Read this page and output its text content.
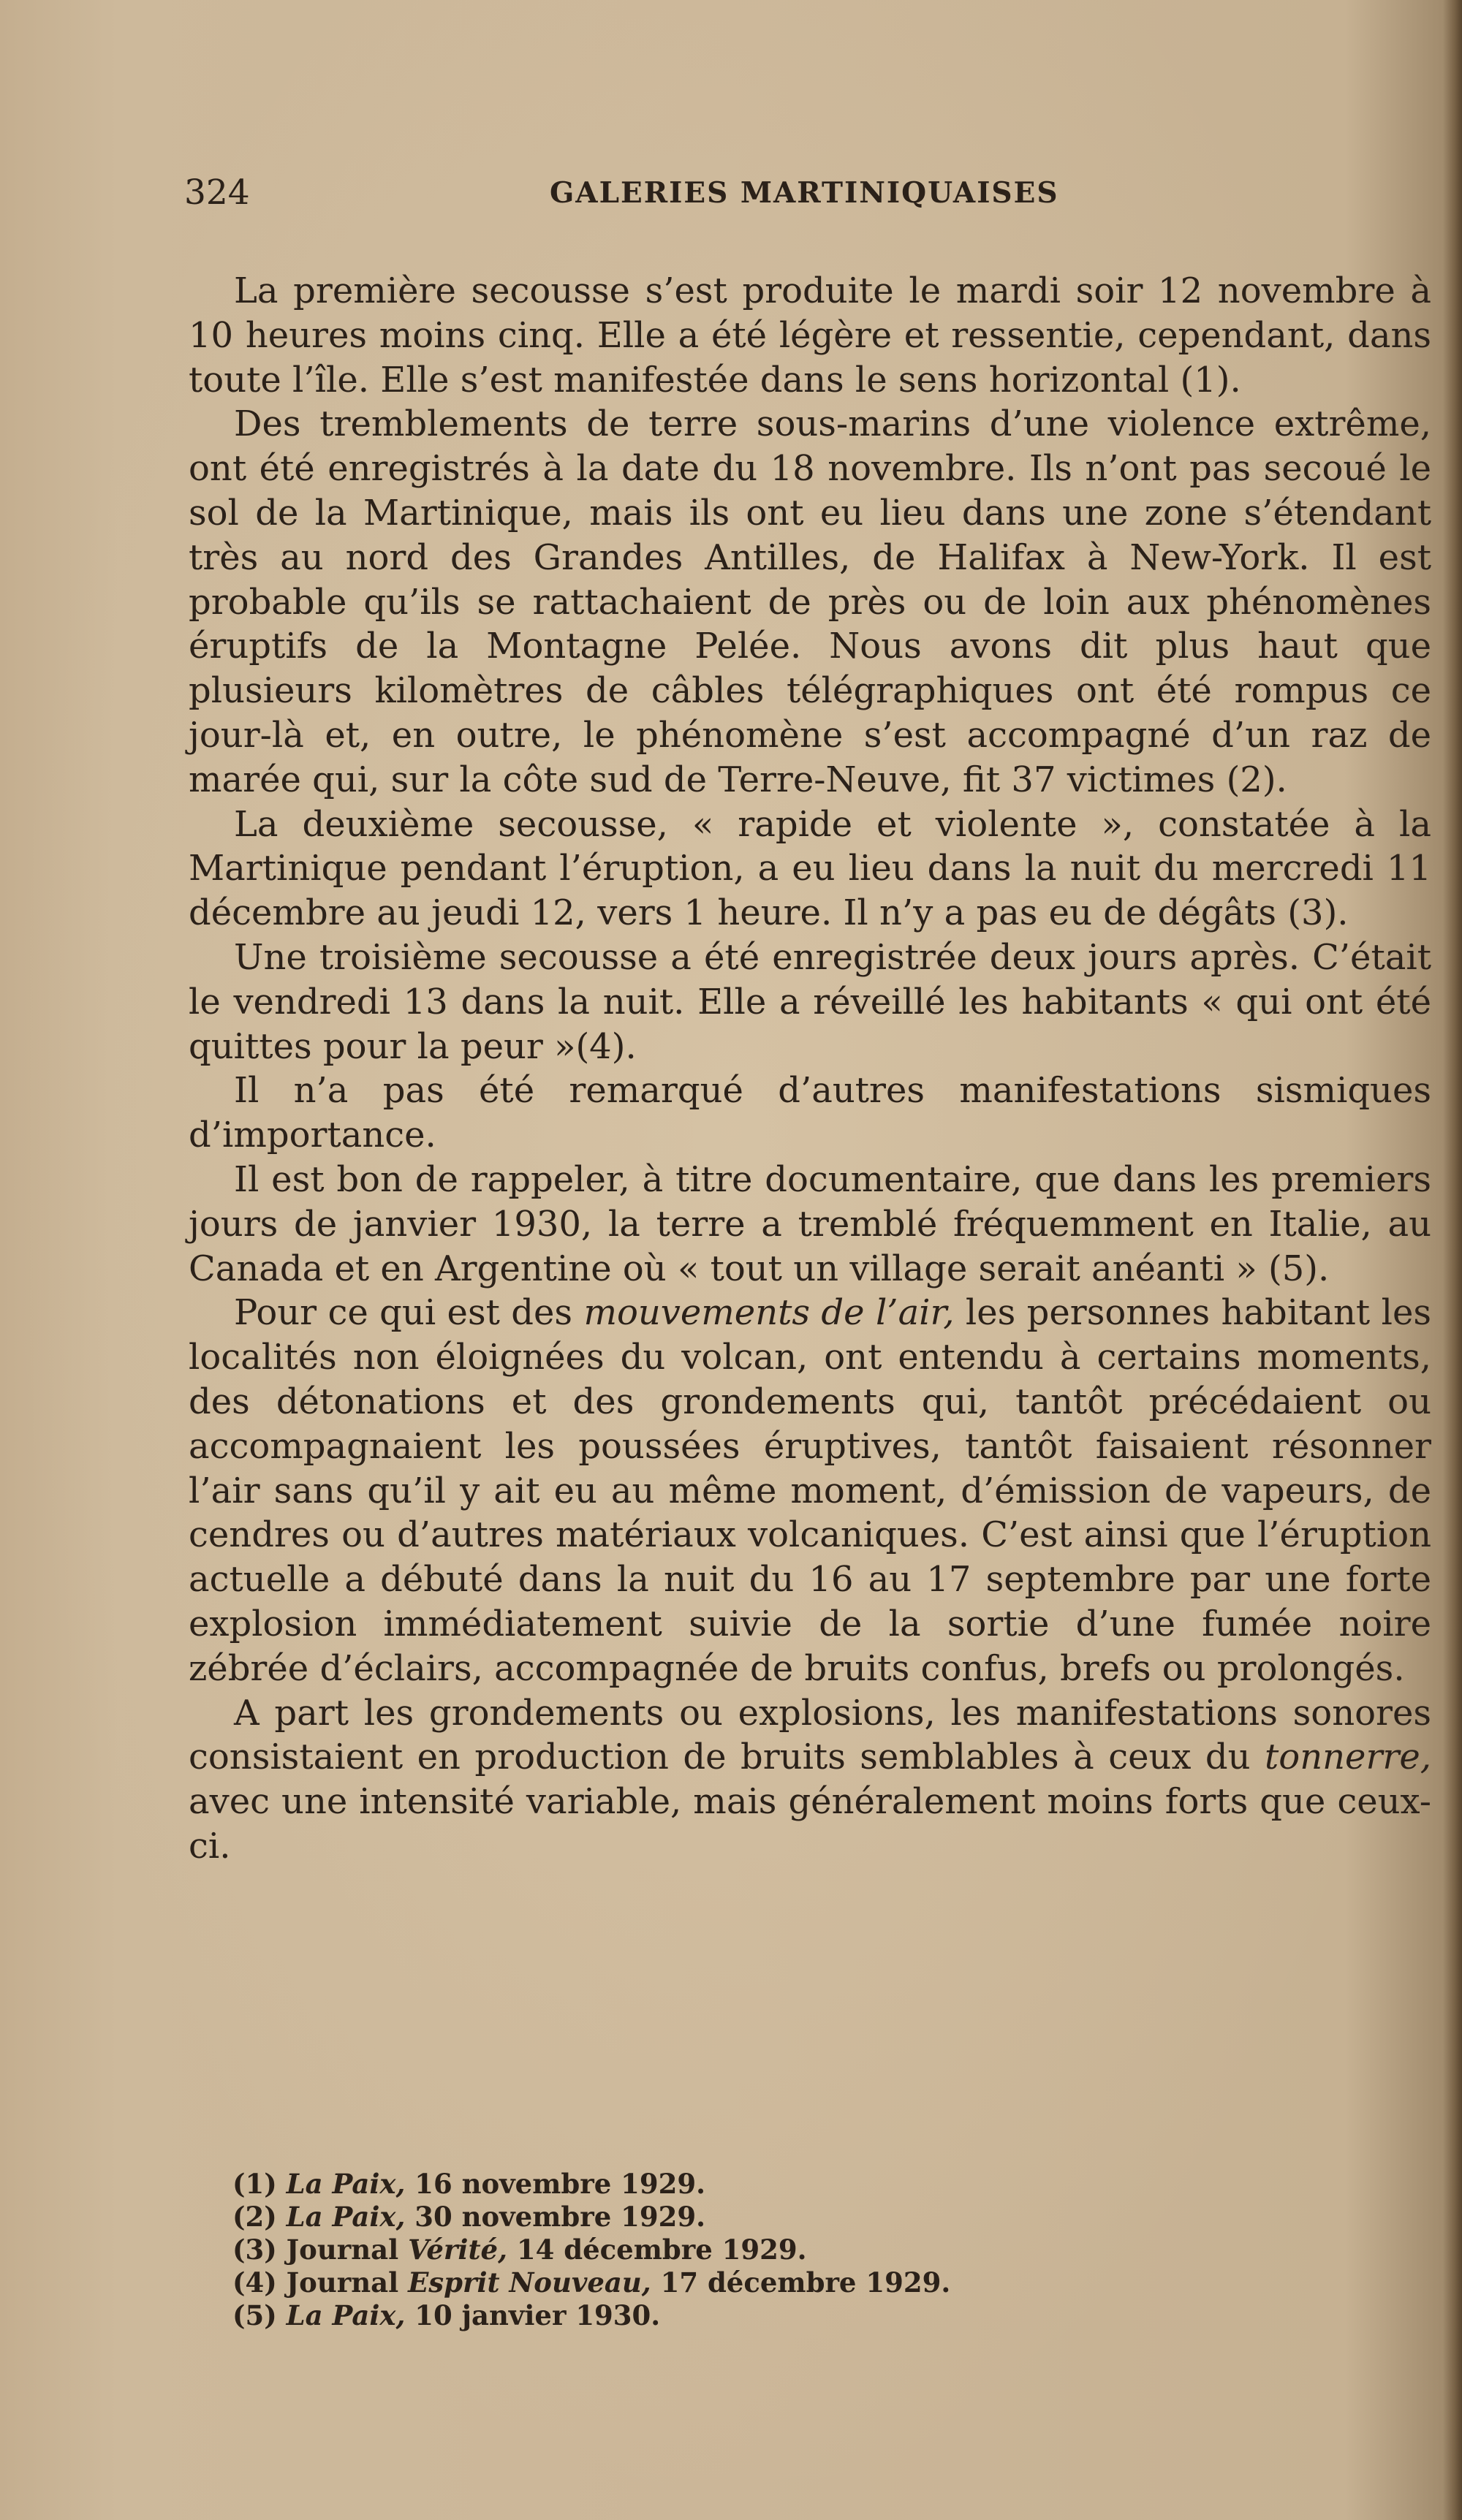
324	GALERIES MARTINIQUAISES

La première secousse s’est produite le mardi soir 12 novembre à 10 heures moins cinq. Elle a été légère et ressentie, cependant, dans toute l’île. Elle s’est manifestée dans le sens horizontal (1).

Des tremblements de terre sous-marins d’une violence extrême, ont été enregistrés à la date du 18 novembre. Ils n’ont pas secoué le sol de la Martinique, mais ils ont eu lieu dans une zone s’étendant très au nord des Grandes Antilles, de Halifax à New-York. Il est probable qu’ils se rattachaient de près ou de loin aux phénomènes éruptifs de la Montagne Pelée. Nous avons dit plus haut que plusieurs kilomètres de câbles télégraphiques ont été rompus ce jour-là et, en outre, le phénomène s’est accompagné d’un raz de marée qui, sur la côte sud de Terre-Neuve, fit 37 victimes (2).

La deuxième secousse, « rapide et violente », constatée à la Martinique pendant l’éruption, a eu lieu dans la nuit du mercredi 11 décembre au jeudi 12, vers 1 heure. Il n’y a pas eu de dégâts (3).

Une troisième secousse a été enregistrée deux jours après. C’était le vendredi 13 dans la nuit. Elle a réveillé les habitants « qui ont été quittes pour la peur »(4).

Il n’a pas été remarqué d’autres manifestations sismiques d’importance.

Il est bon de rappeler, à titre documentaire, que dans les premiers jours de janvier 1930, la terre a tremblé fréquemment en Italie, au Canada et en Argentine où « tout un village serait anéanti » (5).

Pour ce qui est des mouvements de l’air, les personnes habitant les localités non éloignées du volcan, ont entendu à certains moments, des détonations et des grondements qui, tantôt précédaient ou accompagnaient les poussées éruptives, tantôt faisaient résonner l’air sans qu’il y ait eu au même moment, d’émission de vapeurs, de cendres ou d’autres matériaux volcaniques. C’est ainsi que l’éruption actuelle a débuté dans la nuit du 16 au 17 septembre par une forte explosion immédiatement suivie de la sortie d’une fumée noire zébrée d’éclairs, accompagnée de bruits confus, brefs ou prolongés.

A part les grondements ou explosions, les manifestations sonores consistaient en production de bruits semblables à ceux du tonnerre, avec une intensité variable, mais généralement moins forts que ceux-ci.

(1) La Paix, 16 novembre 1929.
(2) La Paix, 30 novembre 1929.
(3) Journal Vérité, 14 décembre 1929.
(4) Journal Esprit Nouveau, 17 décembre 1929.
(5) La Paix, 10 janvier 1930.
